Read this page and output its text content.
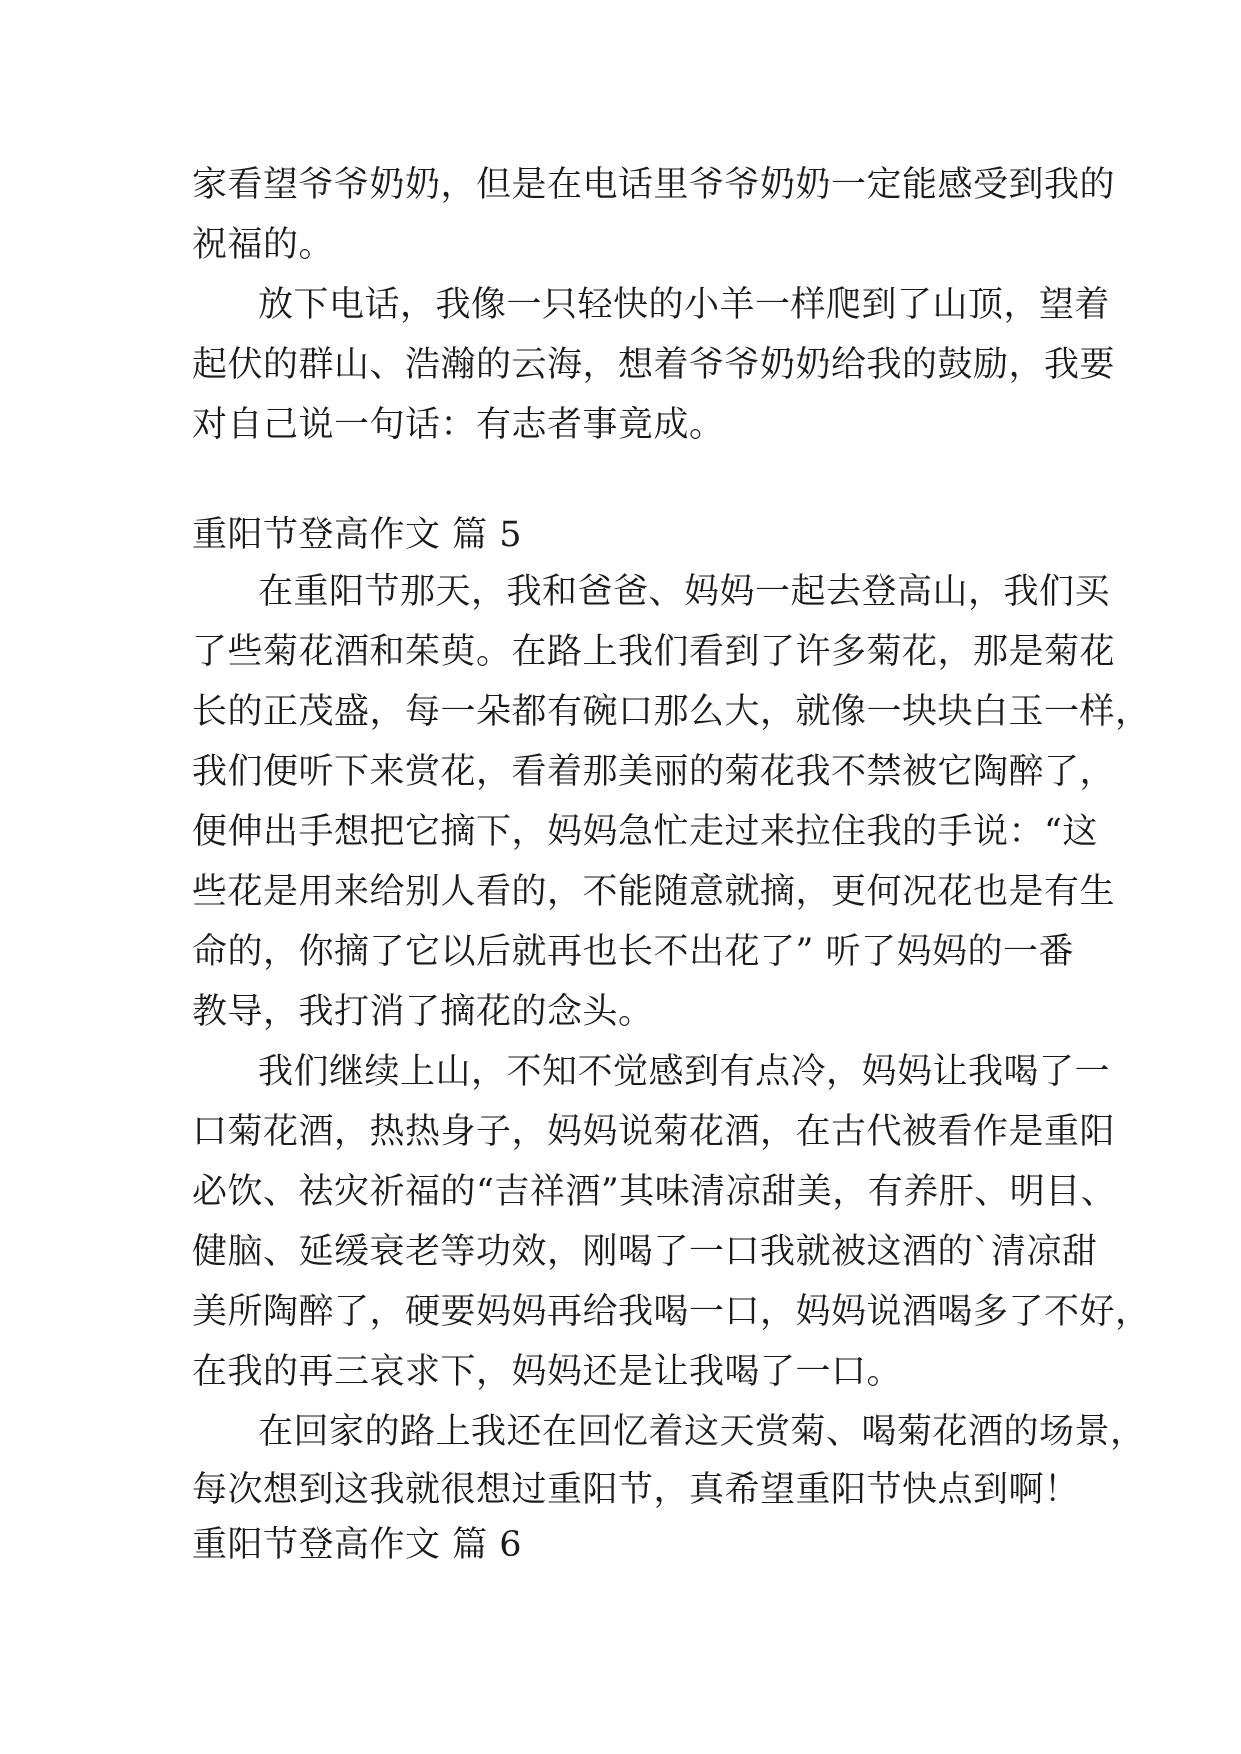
家看望爷爷奶奶，但是在电话里爷爷奶奶一定能感受到我的
祝福的。
放下电话，我像一只轻快的小羊一样爬到了山顶，望着
起伏的群山、浩瀚的云海，想着爷爷奶奶给我的鼓励，我要
对自己说一句话：有志者事竟成。
重阳节登高作文 篇 5
在重阳节那天，我和爸爸、妈妈一起去登高山，我们买
了些菊花酒和茱萸。在路上我们看到了许多菊花，那是菊花
长的正茂盛，每一朵都有碗口那么大，就像一块块白玉一样，
我们便听下来赏花，看着那美丽的菊花我不禁被它陶醉了，
便伸出手想把它摘下，妈妈急忙走过来拉住我的手说：“这
些花是用来给别人看的，不能随意就摘，更何况花也是有生
命的，你摘了它以后就再也长不出花了” 听了妈妈的一番
教导，我打消了摘花的念头。
我们继续上山，不知不觉感到有点冷，妈妈让我喝了一
口菊花酒，热热身子，妈妈说菊花酒，在古代被看作是重阳
必饮、祛灾祈福的“吉祥酒”其味清凉甜美，有养肝、明目、
健脑、延缓衰老等功效，刚喝了一口我就被这酒的`清凉甜
美所陶醉了，硬要妈妈再给我喝一口，妈妈说酒喝多了不好，
在我的再三哀求下，妈妈还是让我喝了一口。
在回家的路上我还在回忆着这天赏菊、喝菊花酒的场景，
每次想到这我就很想过重阳节，真希望重阳节快点到啊！
重阳节登高作文 篇 6
